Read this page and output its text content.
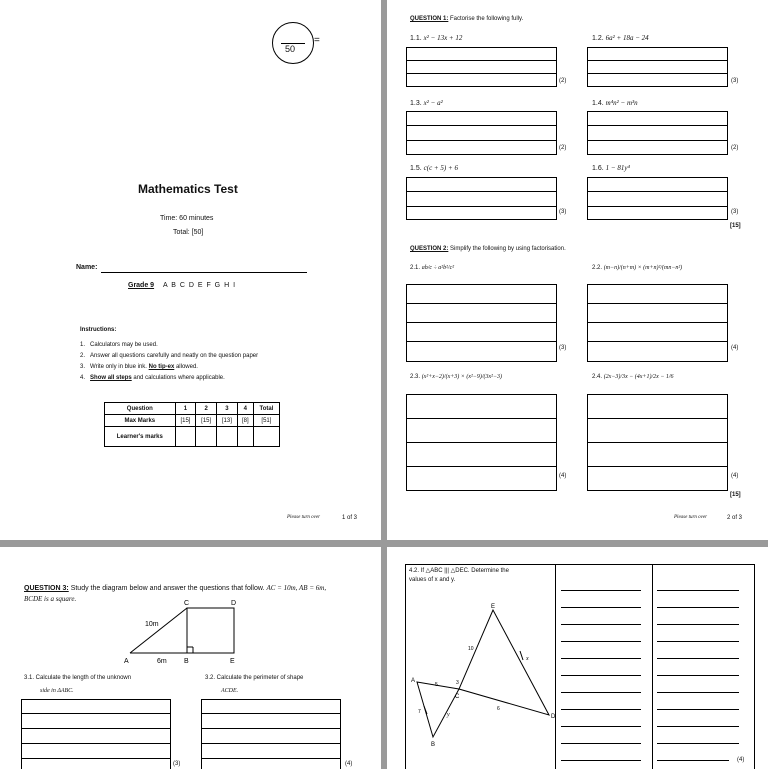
50
=
Mathematics Test
Time: 60 minutes
Total: [50]
Name:
Grade 9 A B C D E F G H I
Instructions:
1. Calculators may be used.
2. Answer all questions carefully and neatly on the question paper
3. Write only in blue ink. No tip-ex allowed.
4. Show all steps and calculations where applicable.
Question	1	2	3	4	Total
Max Marks	[15]	[15]	[13]	[8]	[51]
Learner's marks					
Please turn over	1 of 3
QUESTION 1: Factorise the following fully.
1.1. x² − 13x + 12	1.2. 6a² + 18a − 24
(2)	(3)
1.3. x² − a²	1.4. m⁴n² − m³n
(2)	(2)
1.5. c(c + 5) + 6	1.6. 1 − 81y⁴
(3)	(3)
[15]
QUESTION 2: Simplify the following by using factorisation.
2.1. ab/c ÷ a²b²/c²	2.2. (m−n)/(n+m) × (m+n)²/(mn−n²)
(3)	(4)
2.3. (x²+x−2)/(x+3) × (x²−9)/(3x²−3)	2.4. (2x−3)/3x − (4x+1)/2x − 1/6
(4)	(4)
[15]
Please turn over	2 of 3
QUESTION 3: Study the diagram below and answer the questions that follow. AC = 10m, AB = 6m,
BCDE is a square.
C	D
A	B	E
10m
6m
3.1. Calculate the length of the unknown
side in ΔABC.
3.2. Calculate the perimeter of shape
ACDE.
(3)	(4)
4.2. If △ABC ||| △DEC. Determine the
values of x and y.
E
A
B
C
D
10
5	3
7	6
x
y
(4)
